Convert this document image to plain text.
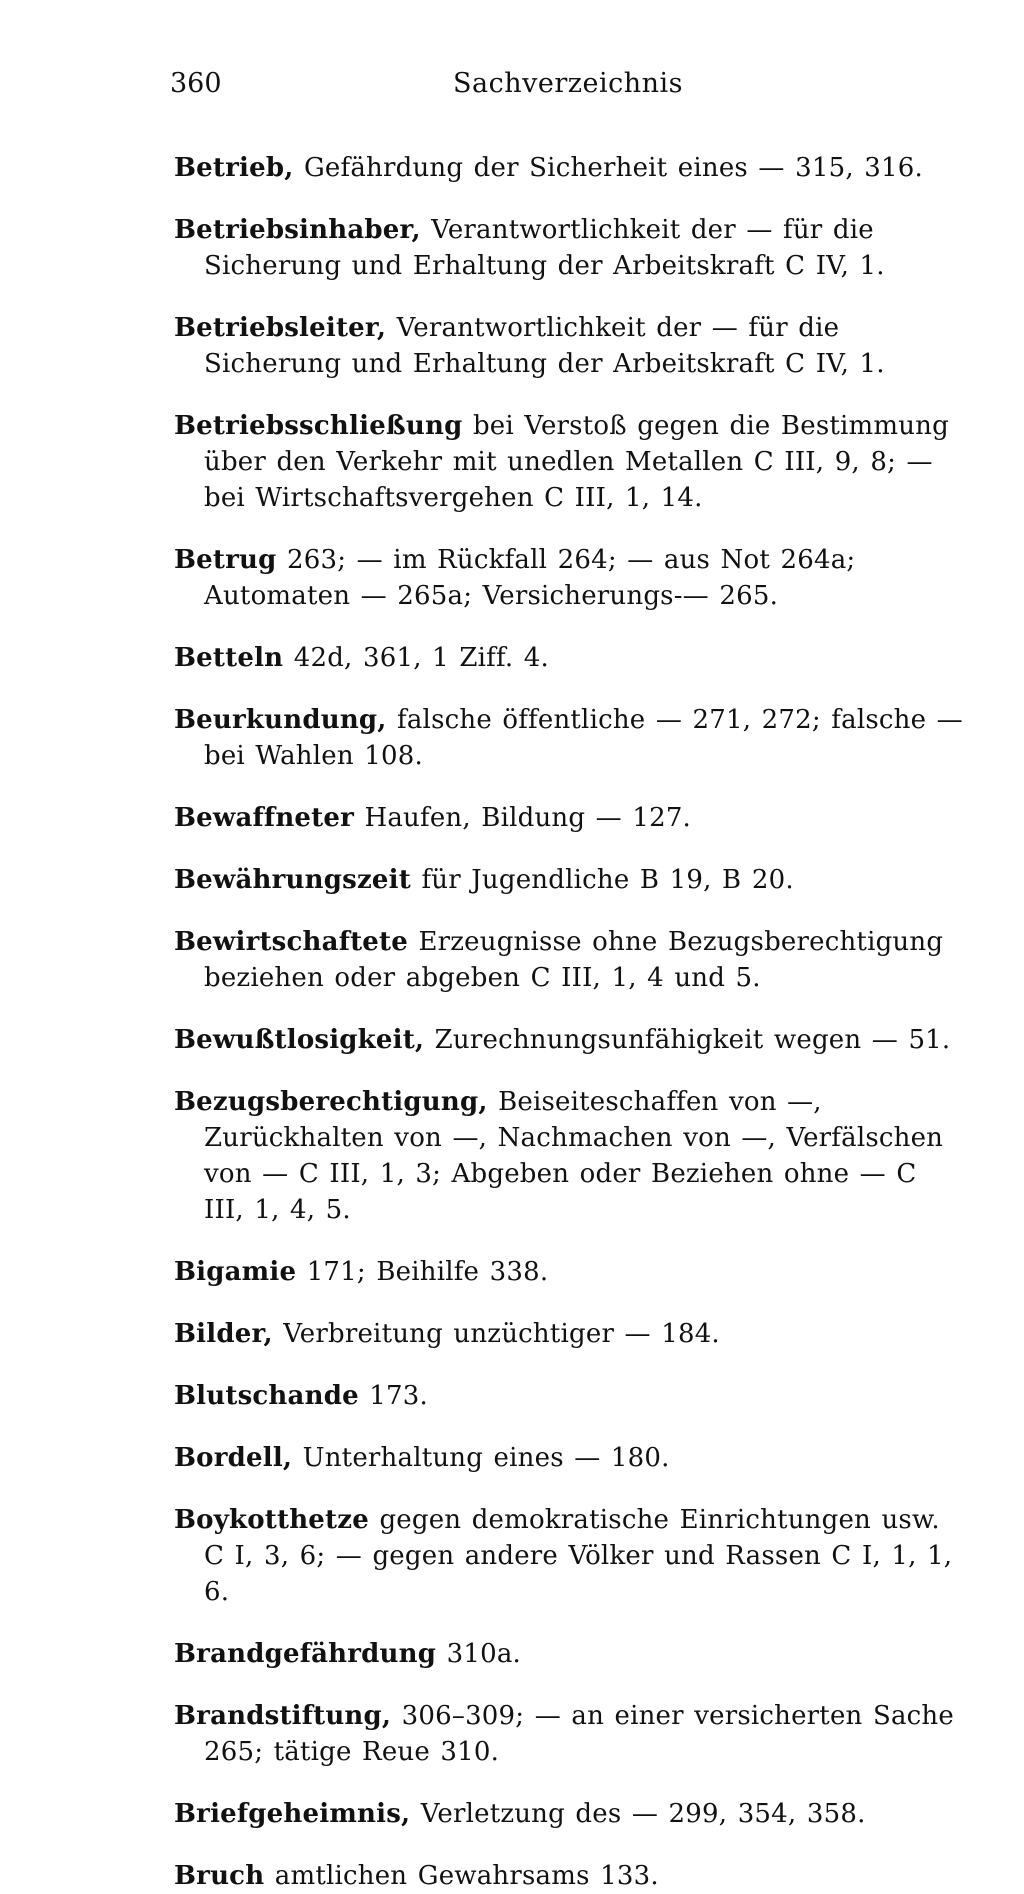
360	Sachverzeichnis

Betrieb, Gefährdung der Sicherheit eines — 315, 316.

Betriebsinhaber, Verantwortlichkeit der — für die Sicherung und Erhaltung der Arbeitskraft C IV, 1.

Betriebsleiter, Verantwortlichkeit der — für die Sicherung und Erhaltung der Arbeitskraft C IV, 1.

Betriebsschließung bei Verstoß gegen die Bestimmung über den Verkehr mit unedlen Metallen C III, 9, 8; — bei Wirtschaftsvergehen C III, 1, 14.

Betrug 263; — im Rückfall 264; — aus Not 264a; Automaten — 265a; Versicherungs-— 265.

Betteln 42d, 361, 1 Ziff. 4.

Beurkundung, falsche öffentliche — 271, 272; falsche — bei Wahlen 108.

Bewaffneter Haufen, Bildung — 127.

Bewährungszeit für Jugendliche B 19, B 20.

Bewirtschaftete Erzeugnisse ohne Bezugsberechtigung beziehen oder abgeben C III, 1, 4 und 5.

Bewußtlosigkeit, Zurechnungsunfähigkeit wegen — 51.

Bezugsberechtigung, Beiseiteschaffen von —, Zurückhalten von —, Nachmachen von —, Verfälschen von — C III, 1, 3; Abgeben oder Beziehen ohne — C III, 1, 4, 5.

Bigamie 171; Beihilfe 338.

Bilder, Verbreitung unzüchtiger — 184.

Blutschande 173.

Bordell, Unterhaltung eines — 180.

Boykotthetze gegen demokratische Einrichtungen usw. C I, 3, 6; — gegen andere Völker und Rassen C I, 1, 1, 6.

Brandgefährdung 310a.

Brandstiftung, 306–309; — an einer versicherten Sache 265; tätige Reue 310.

Briefgeheimnis, Verletzung des — 299, 354, 358.

Bruch amtlichen Gewahrsams 133.
